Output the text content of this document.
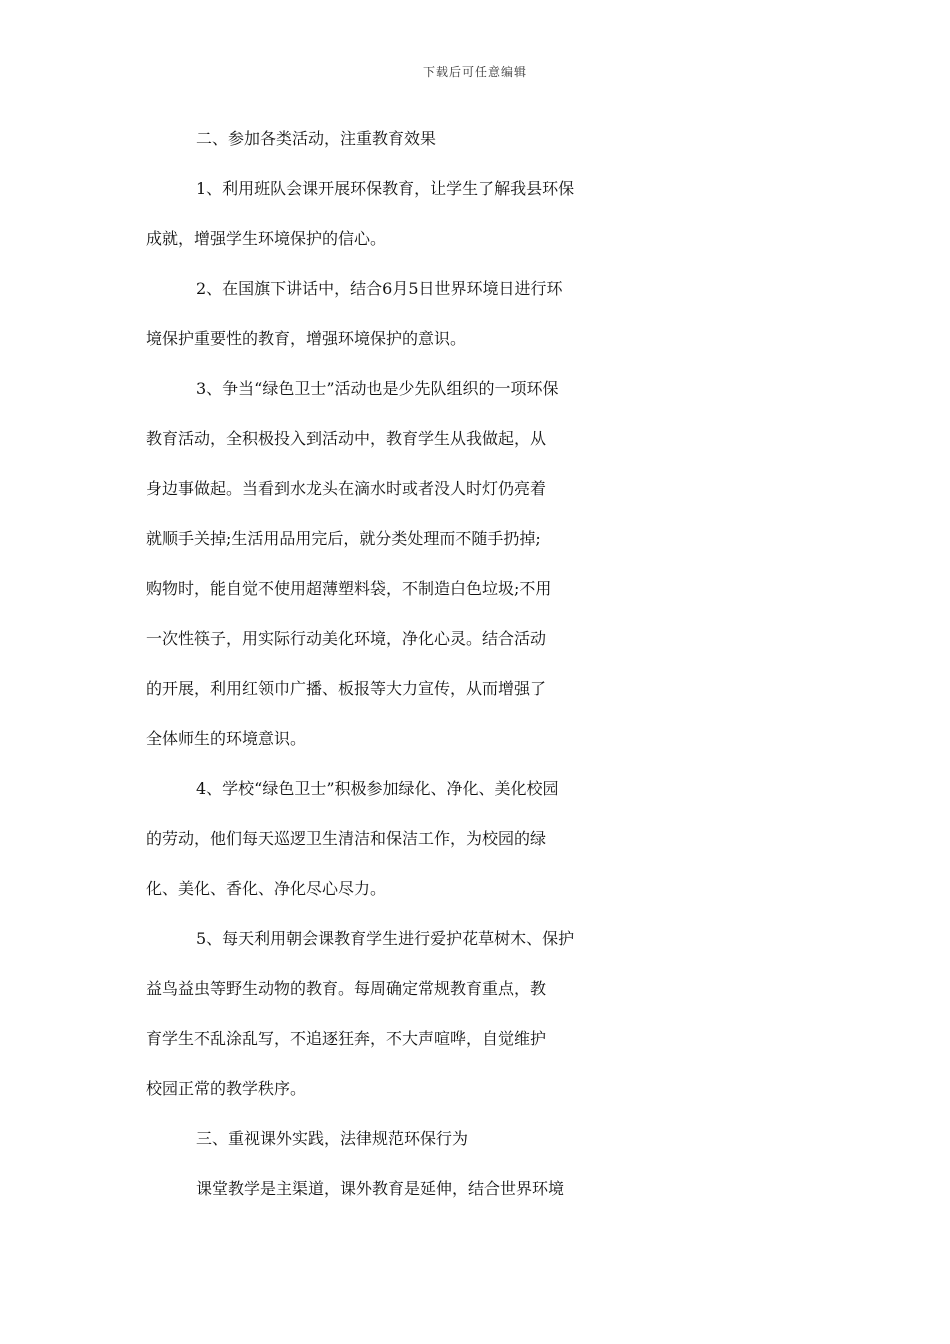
下载后可任意编辑
二、参加各类活动，注重教育效果
1、利用班队会课开展环保教育，让学生了解我县环保
成就，增强学生环境保护的信心。
2、在国旗下讲话中，结合6月5日世界环境日进行环
境保护重要性的教育，增强环境保护的意识。
3、争当“绿色卫士”活动也是少先队组织的一项环保
教育活动，全积极投入到活动中，教育学生从我做起，从
身边事做起。当看到水龙头在滴水时或者没人时灯仍亮着
就顺手关掉;生活用品用完后，就分类处理而不随手扔掉;
购物时，能自觉不使用超薄塑料袋，不制造白色垃圾;不用
一次性筷子，用实际行动美化环境，净化心灵。结合活动
的开展，利用红领巾广播、板报等大力宣传，从而增强了
全体师生的环境意识。
4、学校“绿色卫士”积极参加绿化、净化、美化校园
的劳动，他们每天巡逻卫生清洁和保洁工作，为校园的绿
化、美化、香化、净化尽心尽力。
5、每天利用朝会课教育学生进行爱护花草树木、保护
益鸟益虫等野生动物的教育。每周确定常规教育重点，教
育学生不乱涂乱写，不追逐狂奔，不大声喧哗，自觉维护
校园正常的教学秩序。
三、重视课外实践，法律规范环保行为
课堂教学是主渠道，课外教育是延伸，结合世界环境
